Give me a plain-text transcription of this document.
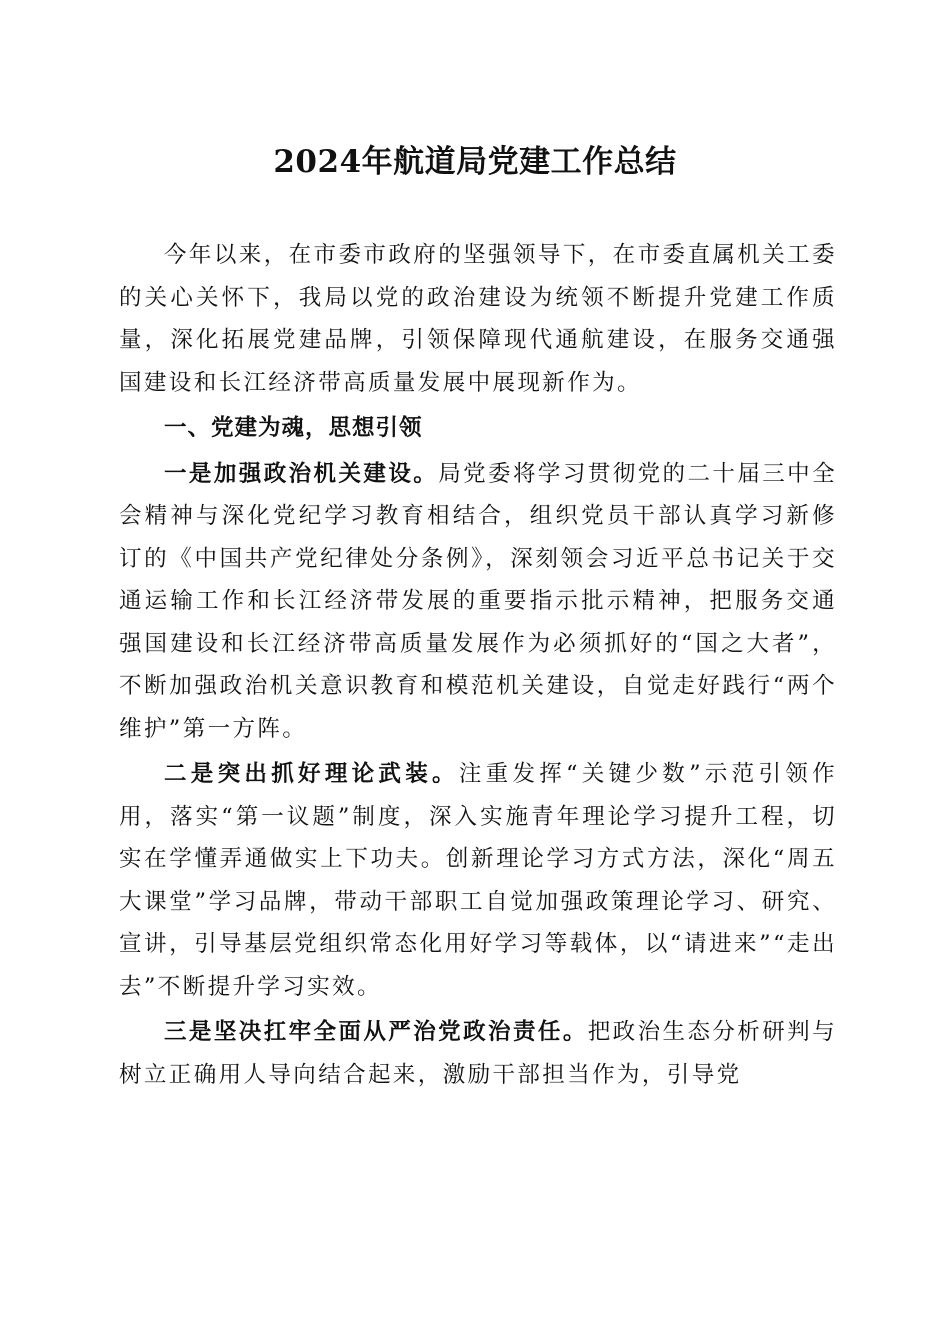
2024年航道局党建工作总结

今年以来，在市委市政府的坚强领导下，在市委直属机关工委的关心关怀下，我局以党的政治建设为统领不断提升党建工作质量，深化拓展党建品牌，引领保障现代通航建设，在服务交通强国建设和长江经济带高质量发展中展现新作为。

一、党建为魂，思想引领

一是加强政治机关建设。局党委将学习贯彻党的二十届三中全会精神与深化党纪学习教育相结合，组织党员干部认真学习新修订的《中国共产党纪律处分条例》，深刻领会习近平总书记关于交通运输工作和长江经济带发展的重要指示批示精神，把服务交通强国建设和长江经济带高质量发展作为必须抓好的“国之大者”，不断加强政治机关意识教育和模范机关建设，自觉走好践行“两个维护”第一方阵。

二是突出抓好理论武装。注重发挥“关键少数”示范引领作用，落实“第一议题”制度，深入实施青年理论学习提升工程，切实在学懂弄通做实上下功夫。创新理论学习方式方法，深化“周五大课堂”学习品牌，带动干部职工自觉加强政策理论学习、研究、宣讲，引导基层党组织常态化用好学习等载体，以“请进来”“走出去”不断提升学习实效。

三是坚决扛牢全面从严治党政治责任。把政治生态分析研判与树立正确用人导向结合起来，激励干部担当作为，引导党
